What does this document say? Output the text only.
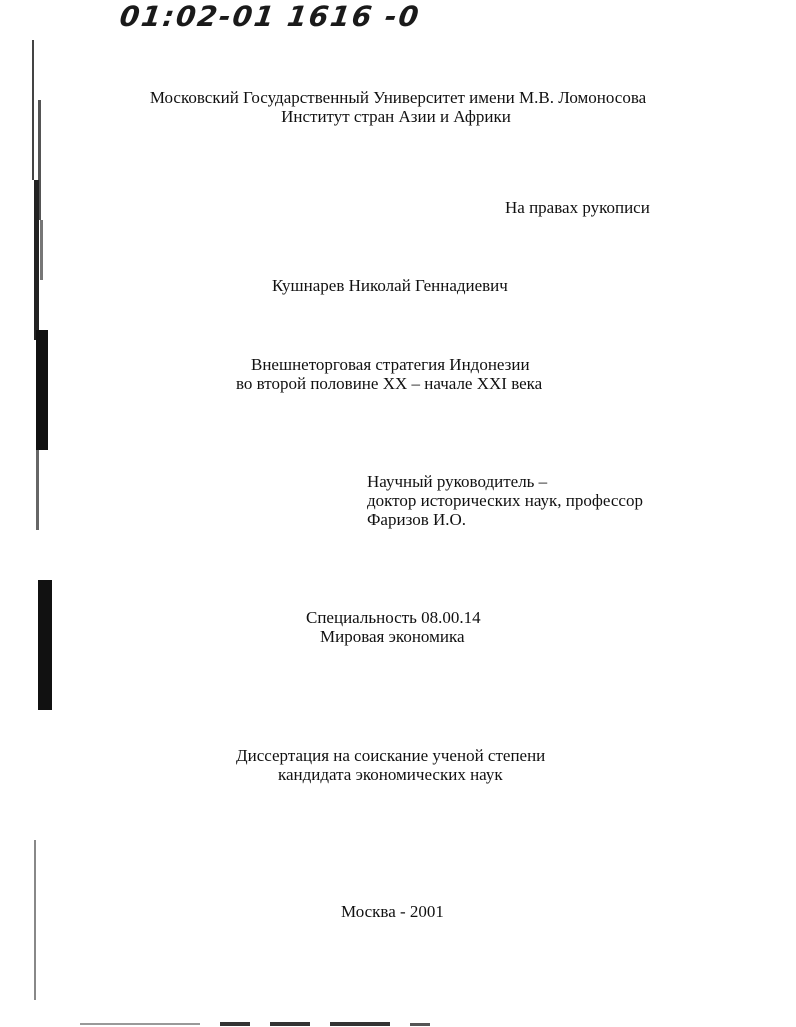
01:02-01 1616 -0
Московский Государственный Университет имени М.В. Ломоносова
Институт стран Азии и Африки
На правах рукописи
Кушнарев Николай Геннадиевич
Внешнеторговая стратегия Индонезии
во второй половине XX – начале XXI века
Научный руководитель –
доктор исторических наук, профессор
Фаризов И.О.
Специальность 08.00.14
Мировая экономика
Диссертация на соискание ученой степени
кандидата экономических наук
Москва - 2001
